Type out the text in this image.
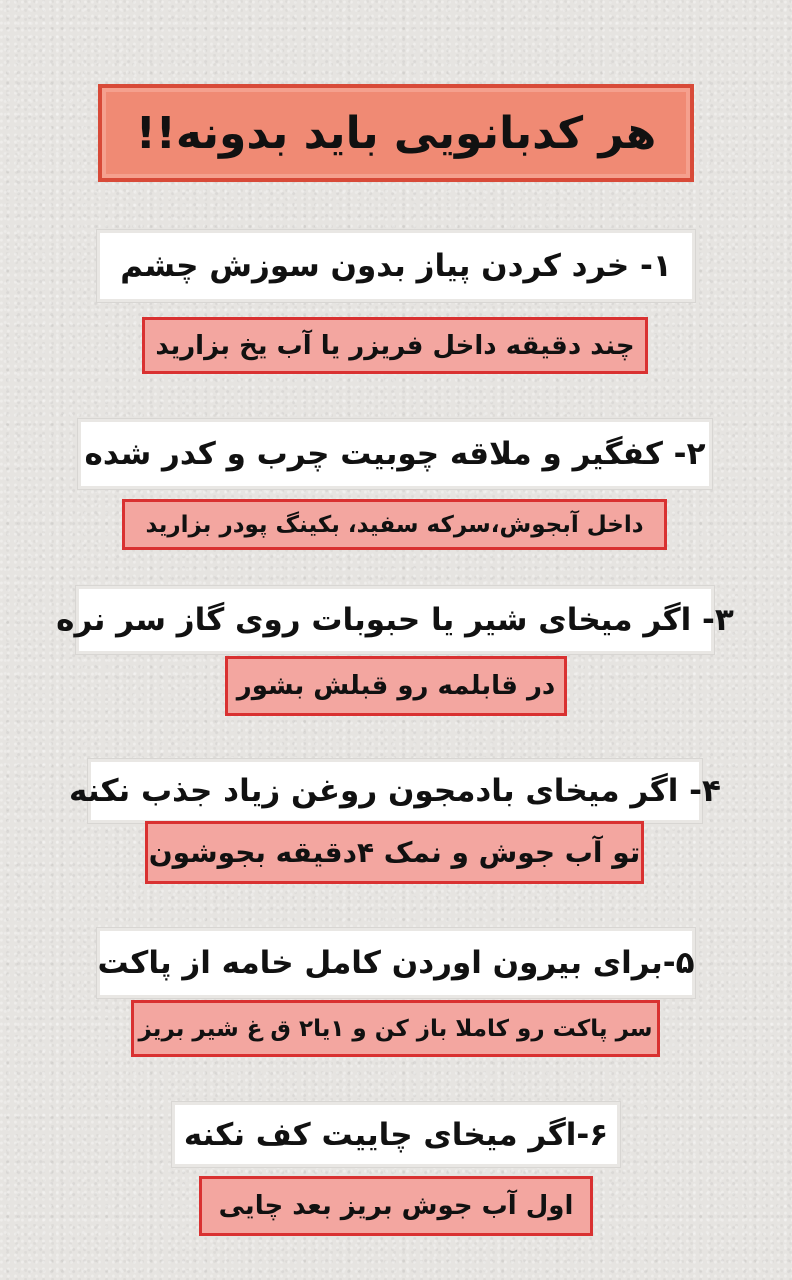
هر کدبانویی باید بدونه!!
۱- خرد کردن پیاز بدون سوزش چشم
چند دقیقه داخل فریزر یا آب یخ بزارید
۲- کفگیر و ملاقه چوبیت چرب و کدر شده
داخل آبجوش،سرکه سفید، بکینگ پودر بزارید
۳- اگر میخای شیر یا حبوبات روی گاز سر نره
در قابلمه رو قبلش بشور
۴- اگر میخای بادمجون روغن زیاد جذب نکنه
تو آب جوش و نمک ۴دقیقه بجوشون
۵-برای بیرون اوردن کامل خامه از پاکت
سر پاکت رو کاملا باز کن و ۱یا۲ ق غ شیر بریز
۶-اگر میخای چاییت کف نکنه
اول آب جوش بریز بعد چایی
